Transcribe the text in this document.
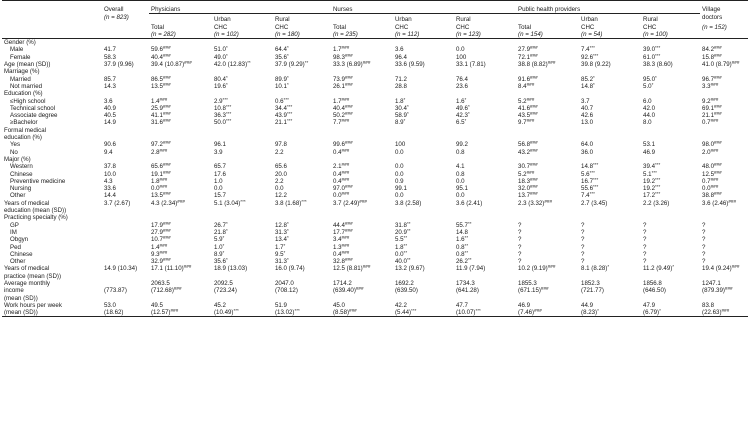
	Overall	Physicians			Nurses			Public health providers			Village
	(n = 823)		Urban	Rural		Urban	Rural		Urban	Rural	doctors
		Total	CHC	CHC	Total	CHC	CHC	Total	CHC	CHC	(n = 152)
		(n = 282)	(n = 102)	(n = 180)	(n = 235)	(n = 112)	(n = 123)	(n = 154)	(n = 54)	(n = 100)	
Gender (%)											
Male	41.7	59.6###	51.0*	64.4*	1.7###	3.6	0.0	27.9###	7.4***	39.0***	84.2###
Female	58.3	40.4###	49.0*	35.6*	98.3###	96.4	100	72.1###	92.6***	61.0***	15.8###
Age (mean (SD))	37.9 (9.96)	39.4 (10.87)###	42.0 (12.83)**	37.9 (9.29)**	33.3 (6.89)###	33.6 (9.59)	33.1 (7.81)	38.8 (8.82)###	39.8 (9.22)	38.3 (8.60)	41.0 (8.79)###
Marriage (%)											
Married	85.7	86.5###	80.4*	89.9*	73.9###	71.2	76.4	91.6###	85.2*	95.0*	96.7###
Not married	14.3	13.5###	19.6*	10.1*	26.1###	28.8	23.6	8.4###	14.8*	5.0*	3.3###
Education (%)											
≤High school	3.6	1.4###	2.9***	0.6***	1.7###	1.8*	1.6*	5.2###	3.7	6.0	9.2###
Technical school	40.9	25.9###	10.8***	34.4***	40.4###	30.4*	49.6*	41.6###	40.7	42.0	69.1###
Associate degree	40.5	41.1###	36.3***	43.9***	50.2###	58.9*	42.3*	43.5###	42.6	44.0	21.1###
≥Bachelor	14.9	31.6###	50.0***	21.1***	7.7###	8.9*	6.5*	9.7###	13.0	8.0	0.7###
Formal medical											
education (%)											
Yes	90.6	97.2###	96.1	97.8	99.6###	100	99.2	56.8###	64.0	53.1	98.0###
No	9.4	2.8###	3.9	2.2	0.4###	0.0	0.8	43.2###	36.0	46.9	2.0###
Major (%)											
Western	37.8	65.6###	65.7	65.6	2.1###	0.0	4.1	30.7###	14.8***	39.4***	48.0###
Chinese	10.0	19.1###	17.6	20.0	0.4###	0.0	0.8	5.2###	5.6***	5.1***	12.5###
Preventive medicine	4.3	1.8###	1.0	2.2	0.4###	0.9	0.0	18.3###	16.7***	19.2***	0.7###
Nursing	33.6	0.0###	0.0	0.0	97.0###	99.1	95.1	32.0###	55.6***	19.2***	0.0###
Other	14.4	13.5###	15.7	12.2	0.0###	0.0	0.0	13.7###	7.4***	17.2***	38.8###
Years of medical	3.7 (2.67)	4.3 (2.34)###	5.1 (3.04)***	3.8 (1.68)***	3.7 (2.49)###	3.8 (2.58)	3.6 (2.41)	2.3 (3.32)###	2.7 (3.45)	2.2 (3.26)	3.6 (2.46)###
education (mean (SD))											
Practicing specialty (%)											
GP		17.9###	26.7*	12.8*	44.4###	31.8**	55.7**	?	?	?	?
IM		27.9###	21.8*	31.3*	17.7###	20.9**	14.8	?	?	?	?
Obgyn		10.7###	5.9*	13.4*	3.4###	5.5**	1.6**	?	?	?	?
Ped		1.4###	1.0*	1.7*	1.3###	1.8**	0.8**	?	?	?	?
Chinese		9.3###	8.9*	9.5*	0.4###	0.0**	0.8**	?	?	?	?
Other		32.9###	35.6*	31.3*	32.8###	40.0**	26.2**	?	?	?	?
Years of medical	14.9 (10.34)	17.1 (11.10)###	18.9 (13.03)	16.0 (9.74)	12.5 (8.81)###	13.2 (9.67)	11.9 (7.94)	10.2 (9.19)###	8.1 (8.28)*	11.2 (9.49)*	19.4 (9.24)###
practice (mean (SD))											
Average monthly		2063.5	2092.5	2047.0	1714.2	1692.2	1734.3	1855.3	1852.3	1856.8	1247.1
income	(773.87)	(712.68)###	(723.24)	(708.12)	(639.40)###	(639.50)	(641.28)	(671.15)###	(721.77)	(646.50)	(879.39)###
(mean (SD))											
Work hours per week	53.0	49.5	45.2	51.9	45.0	42.2	47.7	46.9	44.9	47.9	83.8
(mean (SD))	(18.62)	(12.57)###	(10.49)***	(13.02)***	(8.58)###	(5.44)***	(10.07)***	(7.46)###	(8.23)*	(6.79)*	(22.63)###
